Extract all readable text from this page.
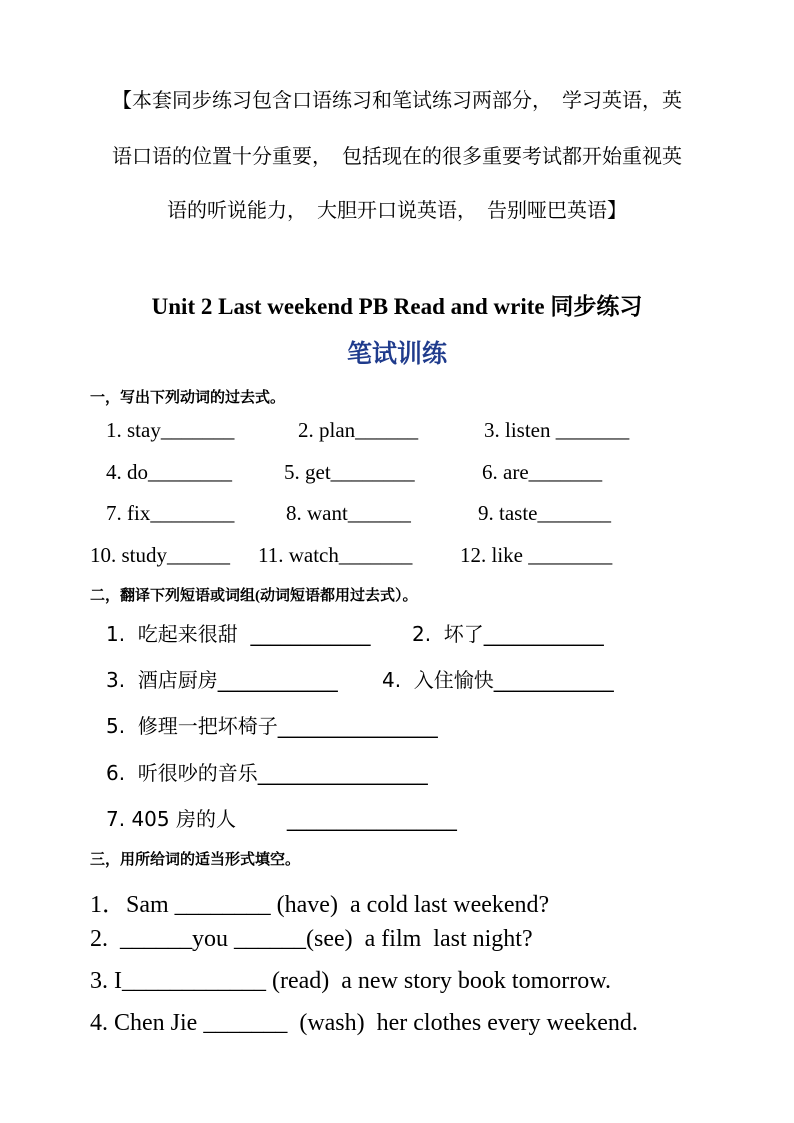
【本套同步练习包含口语练习和笔试练习两部分，  学习英语，英
语口语的位置十分重要，  包括现在的很多重要考试都开始重视英
语的听说能力，  大胆开口说英语，  告别哑巴英语】
Unit 2 Last weekend PB Read and write 同步练习
笔试训练
一，写出下列动词的过去式。
1. stay_______	2. plan______	3. listen _______
4. do________ 5. get________	6. are_______
7. fix________ 8. want______	9. taste_______
10. study______ 11. watch_______ 12. like ________
二，翻译下列短语或词组(动词短语都用过去式）。
1.  吃起来很甜  ____________ 2.  坏了____________
3.  酒店厨房____________ 4.  入住愉快____________
5.  修理一把坏椅子________________
6.  听很吵的音乐_________________
7. 405 房的人        _________________
三，用所给词的适当形式填空。
1．Sam ________ (have)  a cold last weekend?
2.  ______you ______(see)  a film  last night?
3. I____________ (read)  a new story book tomorrow.
4. Chen Jie _______  (wash)  her clothes every weekend.
